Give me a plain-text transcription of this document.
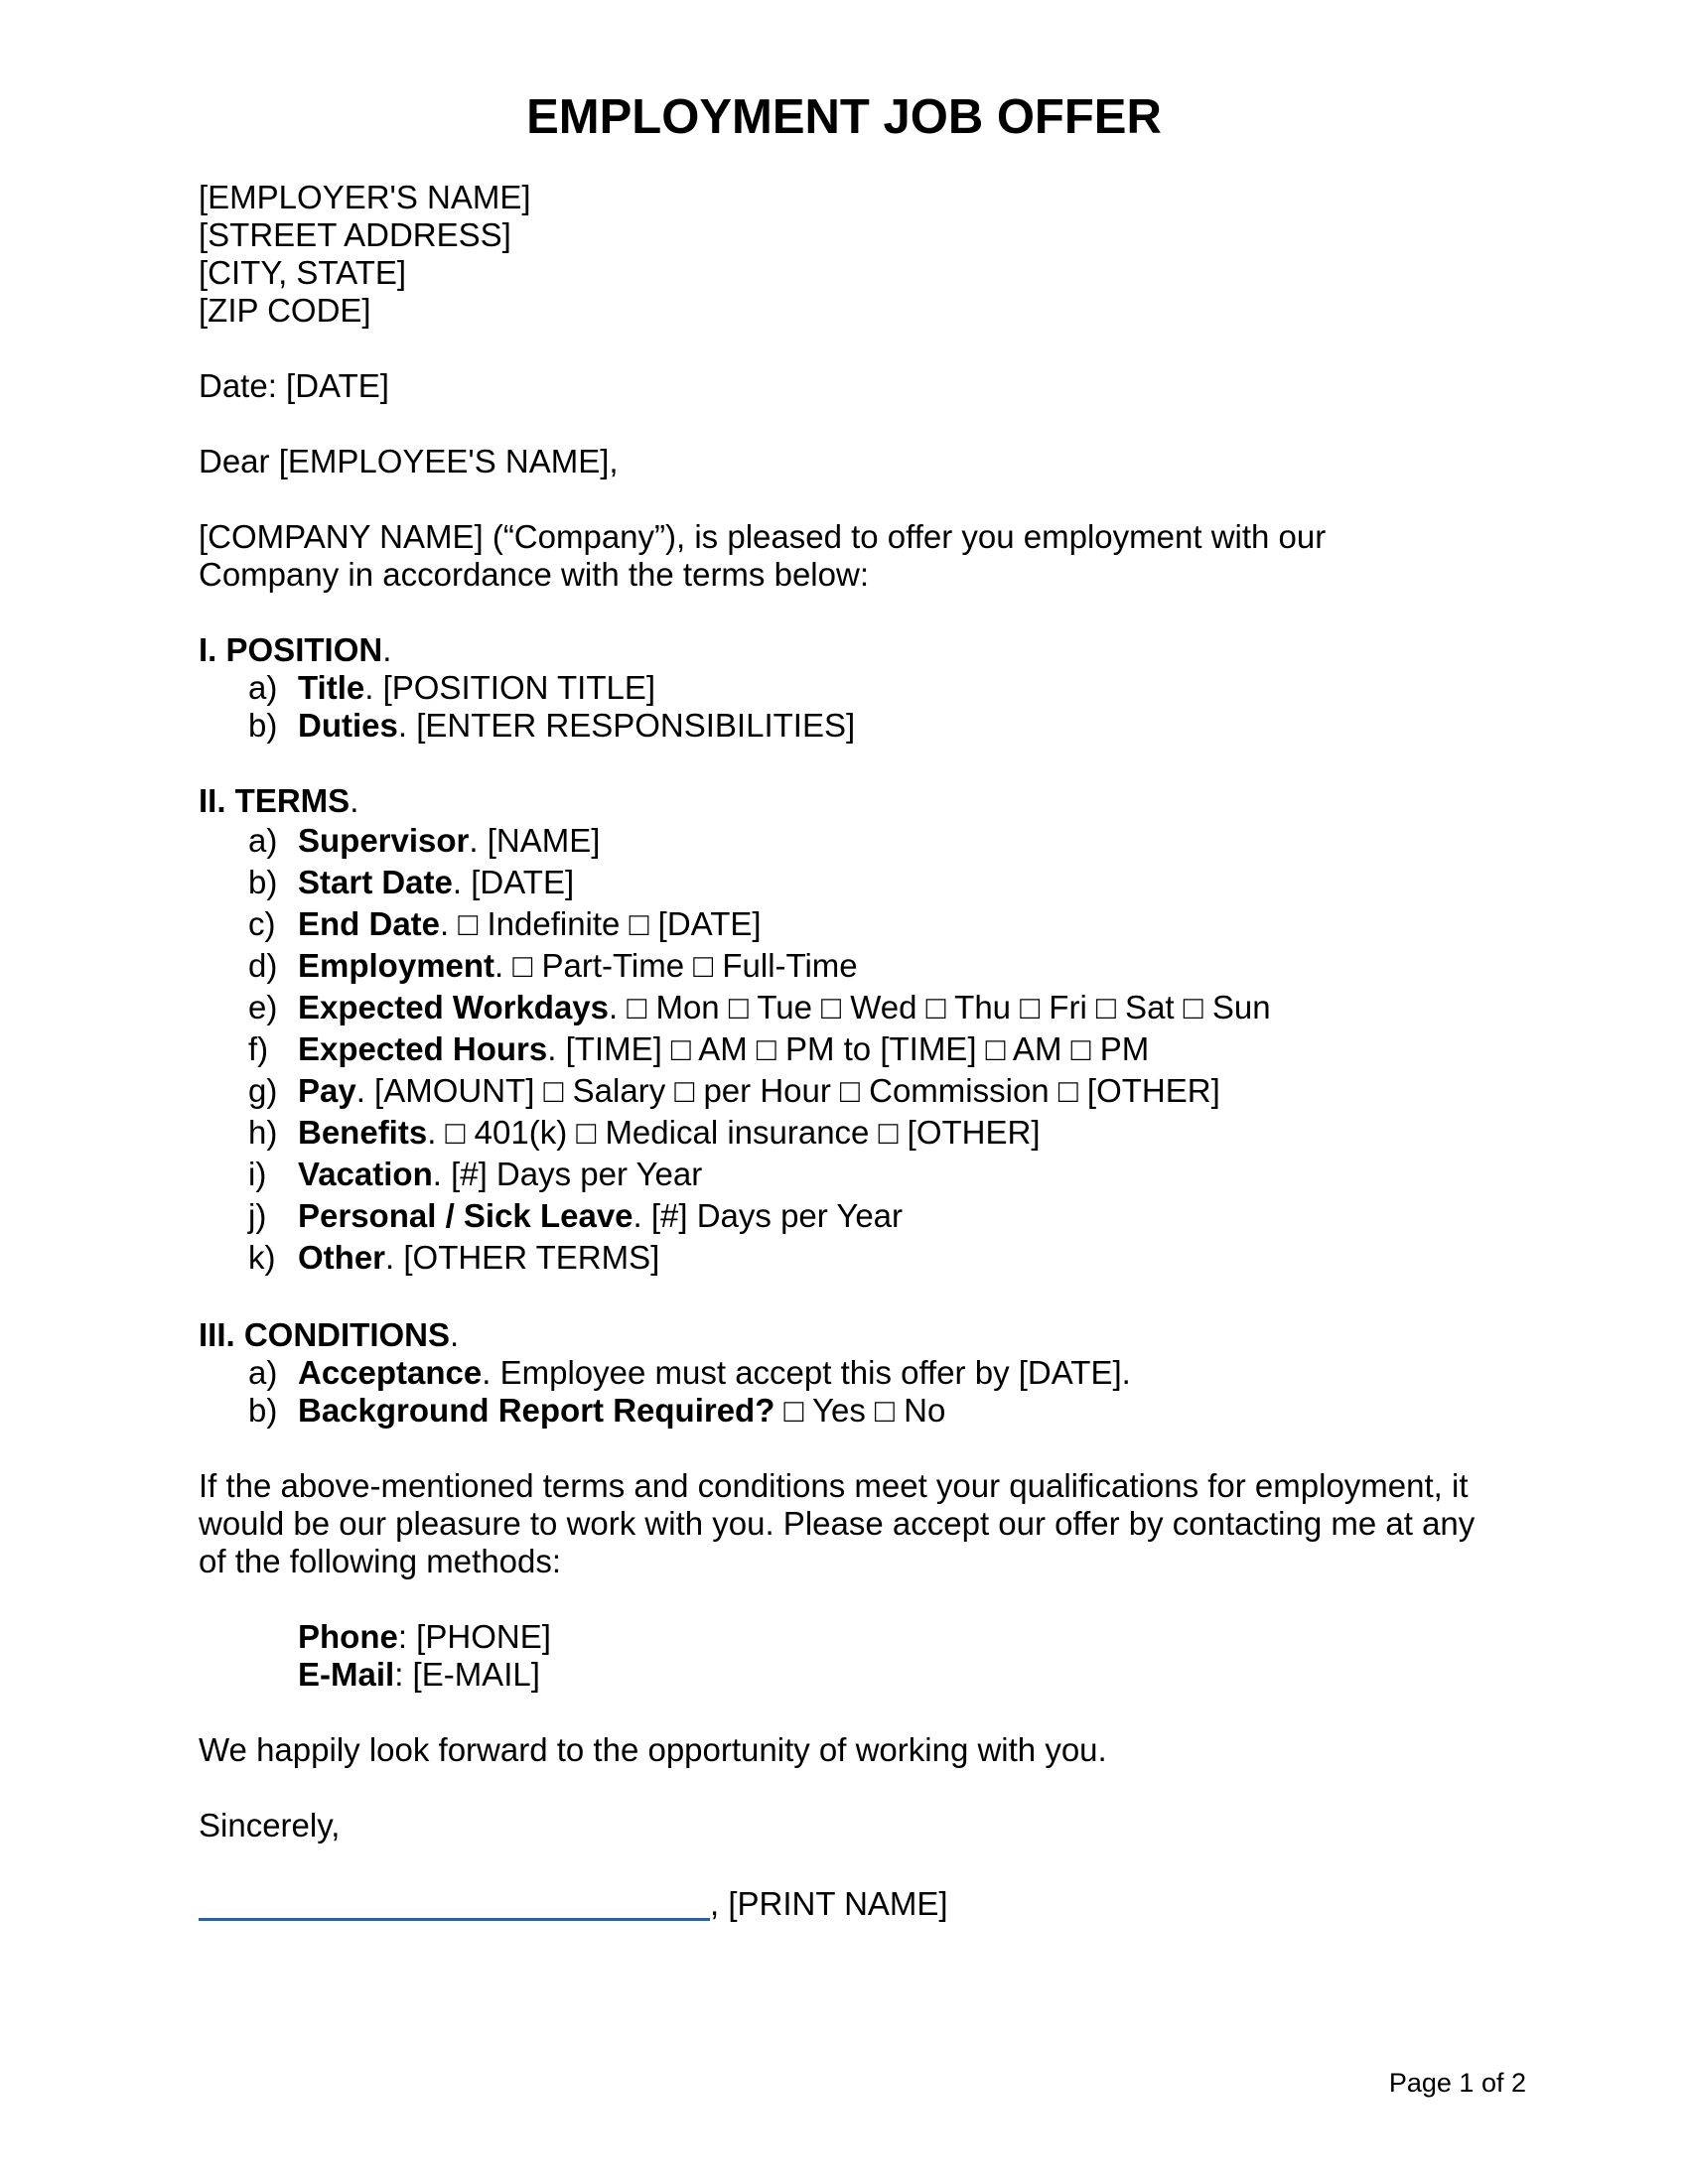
EMPLOYMENT JOB OFFER
[EMPLOYER'S NAME]
[STREET ADDRESS]
[CITY, STATE]
[ZIP CODE]
Date: [DATE]
Dear [EMPLOYEE'S NAME],
[COMPANY NAME] (“Company”), is pleased to offer you employment with our Company in accordance with the terms below:
I. POSITION.
a) Title. [POSITION TITLE]
b) Duties. [ENTER RESPONSIBILITIES]
II. TERMS.
a) Supervisor. [NAME]
b) Start Date. [DATE]
c) End Date. □ Indefinite □ [DATE]
d) Employment. □ Part-Time □ Full-Time
e) Expected Workdays. □ Mon □ Tue □ Wed □ Thu □ Fri □ Sat □ Sun
f) Expected Hours. [TIME] □ AM □ PM to [TIME] □ AM □ PM
g) Pay. [AMOUNT] □ Salary □ per Hour □ Commission □ [OTHER]
h) Benefits. □ 401(k) □ Medical insurance □ [OTHER]
i) Vacation. [#] Days per Year
j) Personal / Sick Leave. [#] Days per Year
k) Other. [OTHER TERMS]
III. CONDITIONS.
a) Acceptance. Employee must accept this offer by [DATE].
b) Background Report Required? □ Yes □ No
If the above-mentioned terms and conditions meet your qualifications for employment, it would be our pleasure to work with you. Please accept our offer by contacting me at any of the following methods:
Phone: [PHONE]
E-Mail: [E-MAIL]
We happily look forward to the opportunity of working with you.
Sincerely,
, [PRINT NAME]
Page 1 of 2
